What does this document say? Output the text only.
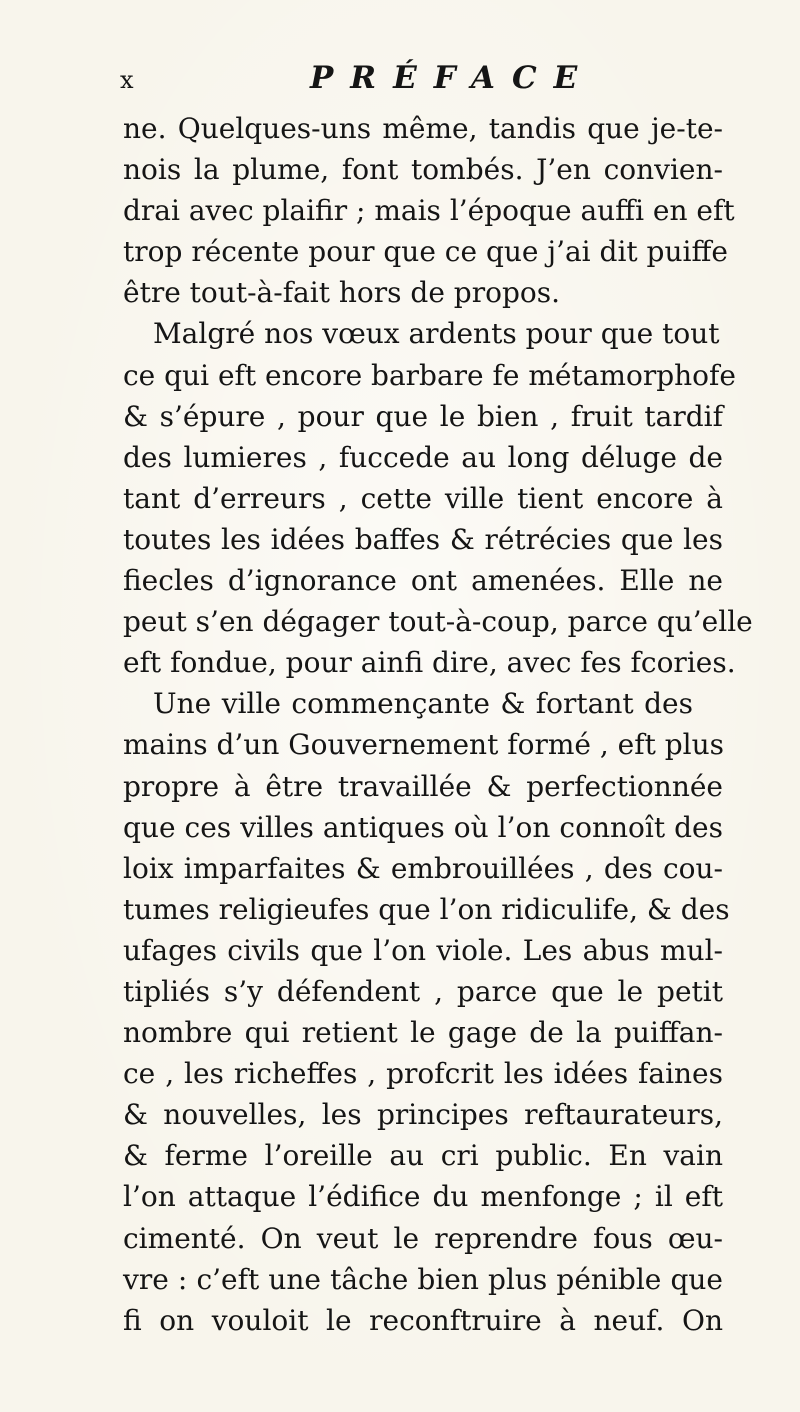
x	PRÉFACE
ne. Quelques-uns même, tandis que je-te-
nois la plume, font tombés. J’en convien-
drai avec plaifir ; mais l’époque auffi en eft
trop récente pour que ce que j’ai dit puiffe
être tout-à-fait hors de propos.
Malgré nos vœux ardents pour que tout
ce qui eft encore barbare fe métamorphofe
& s’épure , pour que le bien , fruit tardif
des lumieres , fuccede au long déluge de
tant d’erreurs , cette ville tient encore à
toutes les idées baffes & rétrécies que les
fiecles d’ignorance ont amenées. Elle ne
peut s’en dégager tout-à-coup, parce qu’elle
eft fondue, pour ainfi dire, avec fes fcories.
Une ville commençante & fortant des
mains d’un Gouvernement formé , eft plus
propre à être travaillée & perfectionnée
que ces villes antiques où l’on connoît des
loix imparfaites & embrouillées , des cou-
tumes religieufes que l’on ridiculife, & des
ufages civils que l’on viole. Les abus mul-
tipliés s’y défendent , parce que le petit
nombre qui retient le gage de la puiffan-
ce , les richeffes , profcrit les idées faines
& nouvelles, les principes reftaurateurs,
& ferme l’oreille au cri public. En vain
l’on attaque l’édifice du menfonge ; il eft
cimenté. On veut le reprendre fous œu-
vre : c’eft une tâche bien plus pénible que
fi on vouloit le reconftruire à neuf. On
